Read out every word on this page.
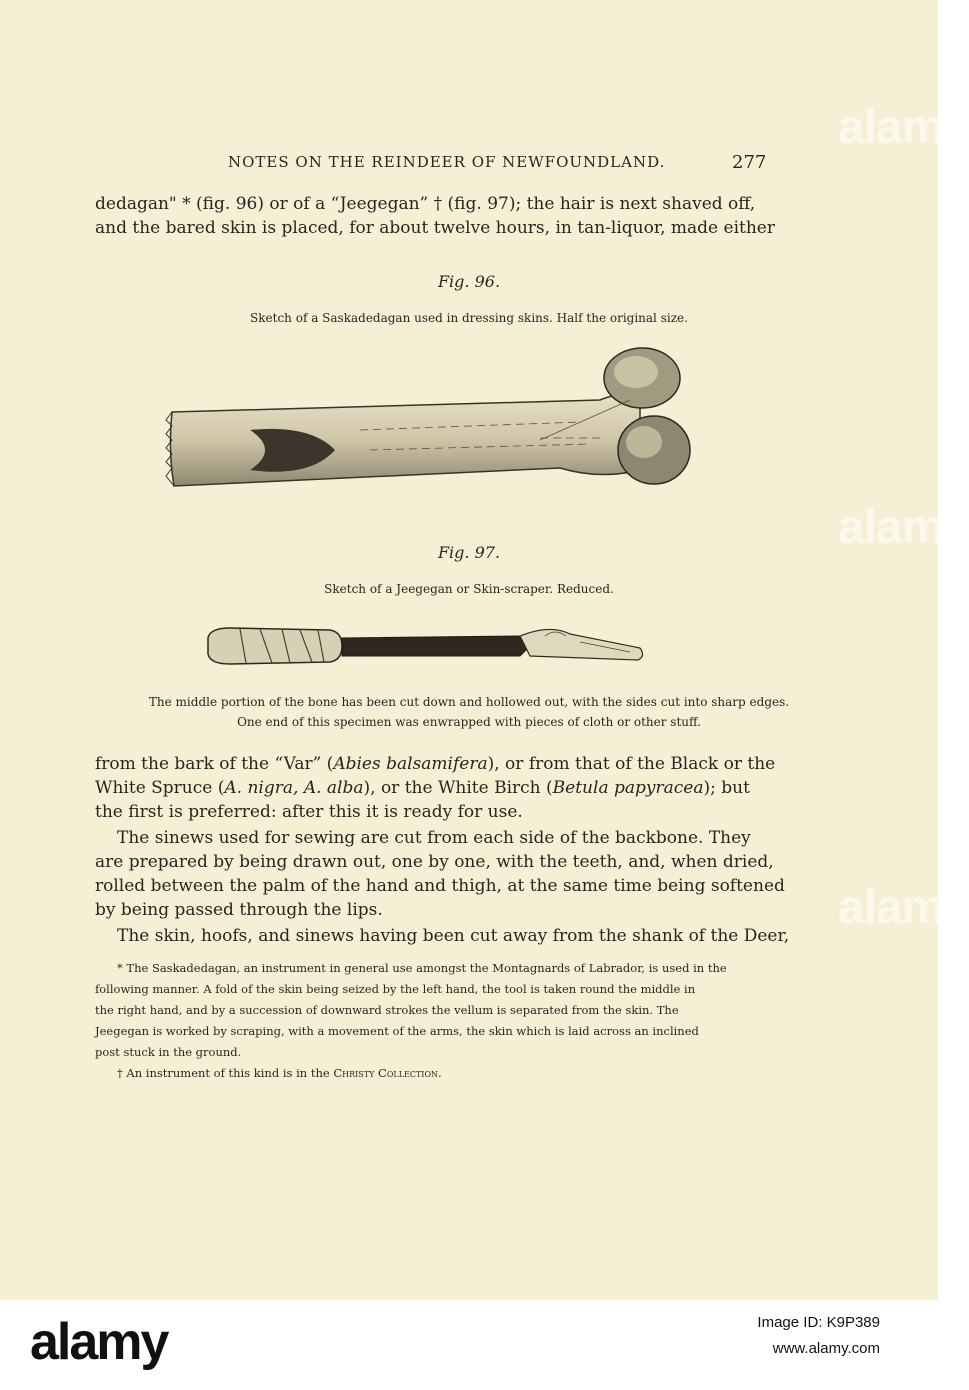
NOTES ON THE REINDEER OF NEWFOUNDLAND.	277
dedagan" * (fig. 96) or of a “Jeegegan” † (fig. 97); the hair is next shaved off,
and the bared skin is placed, for about twelve hours, in tan-liquor, made either
Fig. 96.
Sketch of a Saskadedagan used in dressing skins. Half the original size.
Fig. 97.
Sketch of a Jeegegan or Skin-scraper. Reduced.
The middle portion of the bone has been cut down and hollowed out, with the sides cut into sharp edges.
One end of this specimen was enwrapped with pieces of cloth or other stuff.
from the bark of the “Var” (Abies balsamifera), or from that of the Black or the
White Spruce (A. nigra, A. alba), or the White Birch (Betula papyracea); but
the first is preferred: after this it is ready for use.
The sinews used for sewing are cut from each side of the backbone. They
are prepared by being drawn out, one by one, with the teeth, and, when dried,
rolled between the palm of the hand and thigh, at the same time being softened
by being passed through the lips.
The skin, hoofs, and sinews having been cut away from the shank of the Deer,

* The Saskadedagan, an instrument in general use amongst the Montagnards of Labrador, is used in the

following manner. A fold of the skin being seized by the left hand, the tool is taken round the middle in

the right hand, and by a succession of downward strokes the vellum is separated from the skin. The

Jeegegan is worked by scraping, with a movement of the arms, the skin which is laid across an inclined

post stuck in the ground.

† An instrument of this kind is in the Christy Collection.

alamy
alamy
alamy
alamy	Image ID: K9P389
www.alamy.com
